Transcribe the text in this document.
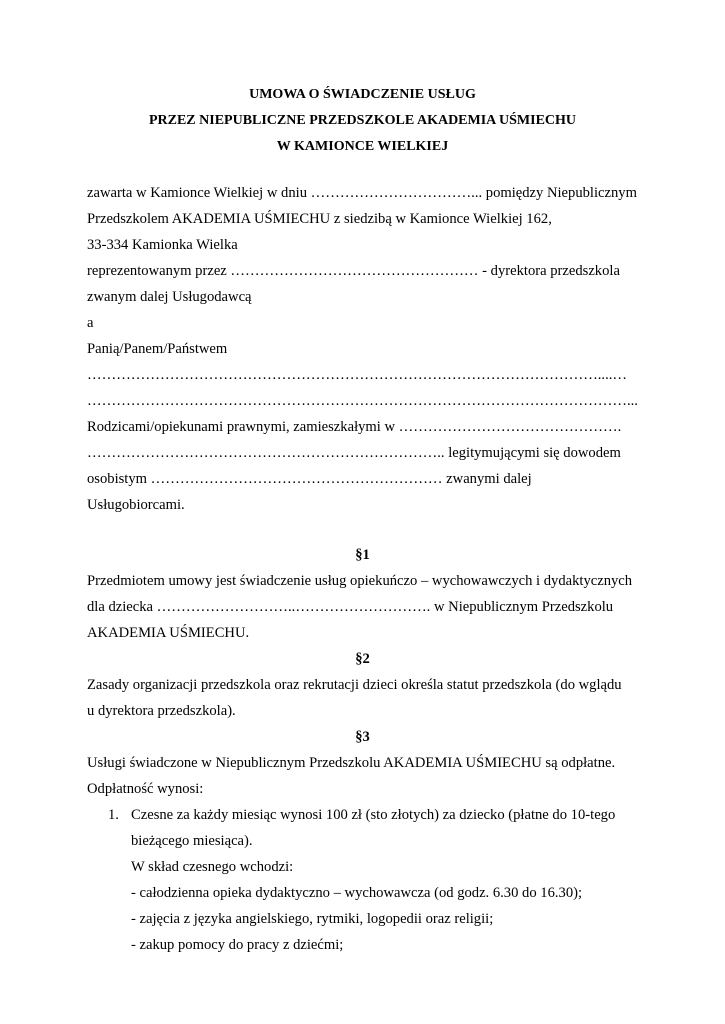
UMOWA O ŚWIADCZENIE USŁUG
PRZEZ NIEPUBLICZNE PRZEDSZKOLE AKADEMIA UŚMIECHU
W KAMIONCE WIELKIEJ
zawarta w Kamionce Wielkiej w dniu ……………………………... pomiędzy Niepublicznym
Przedszkolem AKADEMIA UŚMIECHU z siedzibą w Kamionce Wielkiej 162,
33-334 Kamionka Wielka
reprezentowanym przez …………………………………………… - dyrektora przedszkola
zwanym dalej Usługodawcą
a
Panią/Panem/Państwem
……………………………………………………………………………………………....…
…………………………………………………………………………………………………...
Rodzicami/opiekunami prawnymi, zamieszkałymi w ……………………………………….
……………………………………………………………….. legitymującymi się dowodem
osobistym …………………………………………………… zwanymi dalej
Usługobiorcami.
§1
Przedmiotem umowy jest świadczenie usług opiekuńczo – wychowawczych i dydaktycznych
dla dziecka ………………………..………………………. w Niepublicznym Przedszkolu
AKADEMIA UŚMIECHU.
§2
Zasady organizacji przedszkola oraz rekrutacji dzieci określa statut przedszkola (do wglądu
u dyrektora przedszkola).
§3
Usługi świadczone w Niepublicznym Przedszkolu AKADEMIA UŚMIECHU są odpłatne.
Odpłatność wynosi:
1. Czesne za każdy miesiąc wynosi 100 zł (sto złotych) za dziecko (płatne do 10-tego
bieżącego miesiąca).
W skład czesnego wchodzi:
- całodzienna opieka dydaktyczno – wychowawcza (od godz. 6.30 do 16.30);
- zajęcia z języka angielskiego, rytmiki, logopedii oraz religii;
- zakup pomocy do pracy z dziećmi;
